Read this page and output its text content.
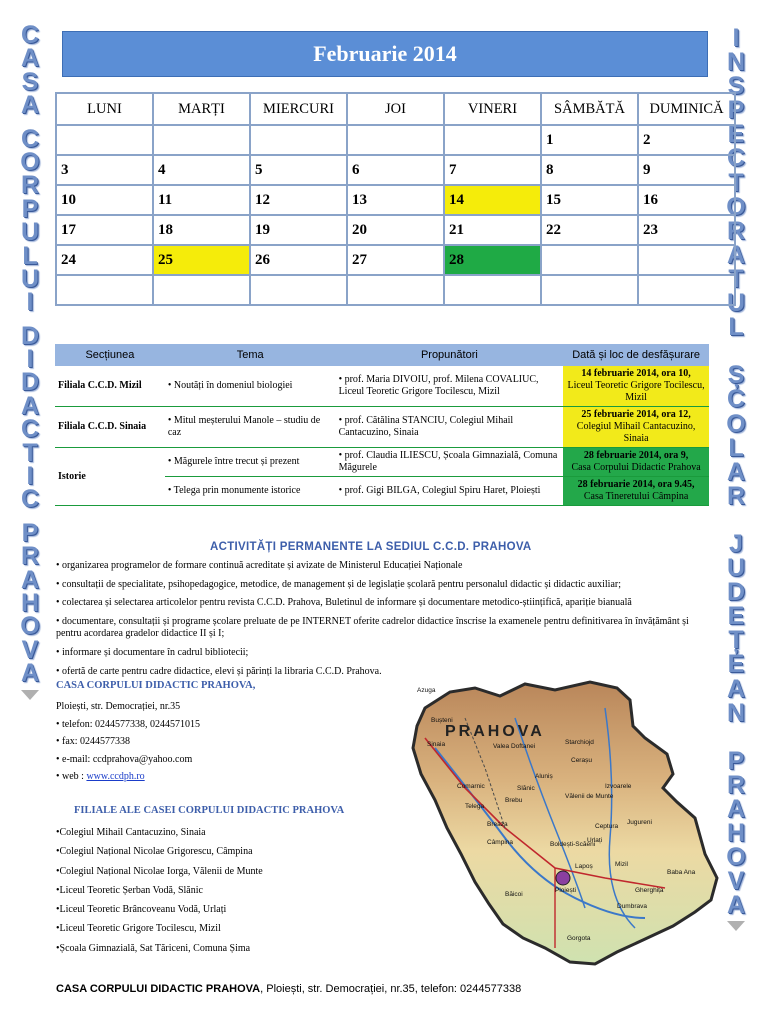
C
A
S
A
C
O
R
P
U
L
U
I
D
I
D
A
C
T
I
C
P
R
A
H
O
V
A
I
N
S
P
E
C
T
O
R
A
T
U
L
Ș
C
O
L
A
R
J
U
D
E
Ț
E
A
N
P
R
A
H
O
V
A
Februarie 2014
LUNI	MARȚI	MIERCURI	JOI	VINERI	SÂMBĂTĂ	DUMINICĂ
					1	2
3	4	5	6	7	8	9
10	11	12	13	14	15	16
17	18	19	20	21	22	23
24	25	26	27	28		

Secțiunea	Tema	Propunători	Dată și loc de desfășurare
Filiala C.C.D. Mizil	• Noutăți în domeniul biologiei	• prof. Maria DIVOIU, prof. Milena COVALIUC, Liceul Teoretic Grigore Tocilescu, Mizil	14 februarie 2014, ora 10,
Liceul Teoretic Grigore Tocilescu, Mizil
Filiala C.C.D. Sinaia	• Mitul meșterului Manole – studiu de caz	• prof. Cătălina STANCIU, Colegiul Mihail Cantacuzino, Sinaia	25 februarie 2014, ora 12,
Colegiul Mihail Cantacuzino, Sinaia
Istorie	• Măgurele între trecut și prezent	• prof. Claudia ILIESCU, Școala Gimnazială, Comuna Măgurele	28 februarie 2014, ora 9,
Casa Corpului Didactic Prahova
	• Telega prin monumente istorice	• prof. Gigi BILGA, Colegiul Spiru Haret, Ploiești	28 februarie 2014, ora 9.45,
Casa Tineretului Câmpina
ACTIVITĂȚI PERMANENTE LA SEDIUL C.C.D. PRAHOVA
• organizarea programelor de formare continuă acreditate și avizate de Ministerul Educației Naționale
• consultații de specialitate, psihopedagogice, metodice, de management și de legislație școlară pentru personalul didactic și didactic auxiliar;
• colectarea și selectarea articolelor pentru revista C.C.D. Prahova, Buletinul de informare și documentare metodico-științifică, apariție bianuală
• documentare, consultații și programe școlare preluate de pe INTERNET oferite cadrelor didactice înscrise la examenele pentru definitivarea în învățământ și pentru acordarea gradelor didactice II și I;
• informare și documentare în cadrul bibliotecii;
• ofertă de carte pentru cadre didactice, elevi și părinți la libraria C.C.D. Prahova.
CASA CORPULUI DIDACTIC PRAHOVA,
Ploiești, str. Democrației, nr.35
• telefon: 0244577338, 0244571015
• fax: 0244577338
• e-mail: ccdprahova@yahoo.com
• web : www.ccdph.ro
FILIALE ALE CASEI CORPULUI DIDACTIC PRAHOVA
• Colegiul Mihail Cantacuzino, Sinaia
• Colegiul Național Nicolae Grigorescu, Câmpina
• Colegiul Național Nicolae Iorga, Vălenii de Munte
• Liceul Teoretic Șerban Vodă, Slănic
• Liceul Teoretic Brâncoveanu Vodă, Urlați
• Liceul Teoretic Grigore Tocilescu, Mizil
• Școala Gimnazială, Sat Tăriceni, Comuna Șima
PRAHOVA
Azuga
Bușteni
Sinaia
Comarnic
Breaza
Câmpina
Băicoi
Ploiești
Slănic
Vălenii de Munte
Mizil
Urlați
Boldești-Scăeni
Starchiojd
Cerașu
Jugureni
Baba Ana
Dumbrava
Gherghița
Gorgota
Valea Doftanei
Brebu
Telega
Aluniș
Izvoarele
Lapoș
Ceptura
CASA CORPULUI DIDACTIC PRAHOVA, Ploiești, str. Democrației, nr.35, telefon: 0244577338
